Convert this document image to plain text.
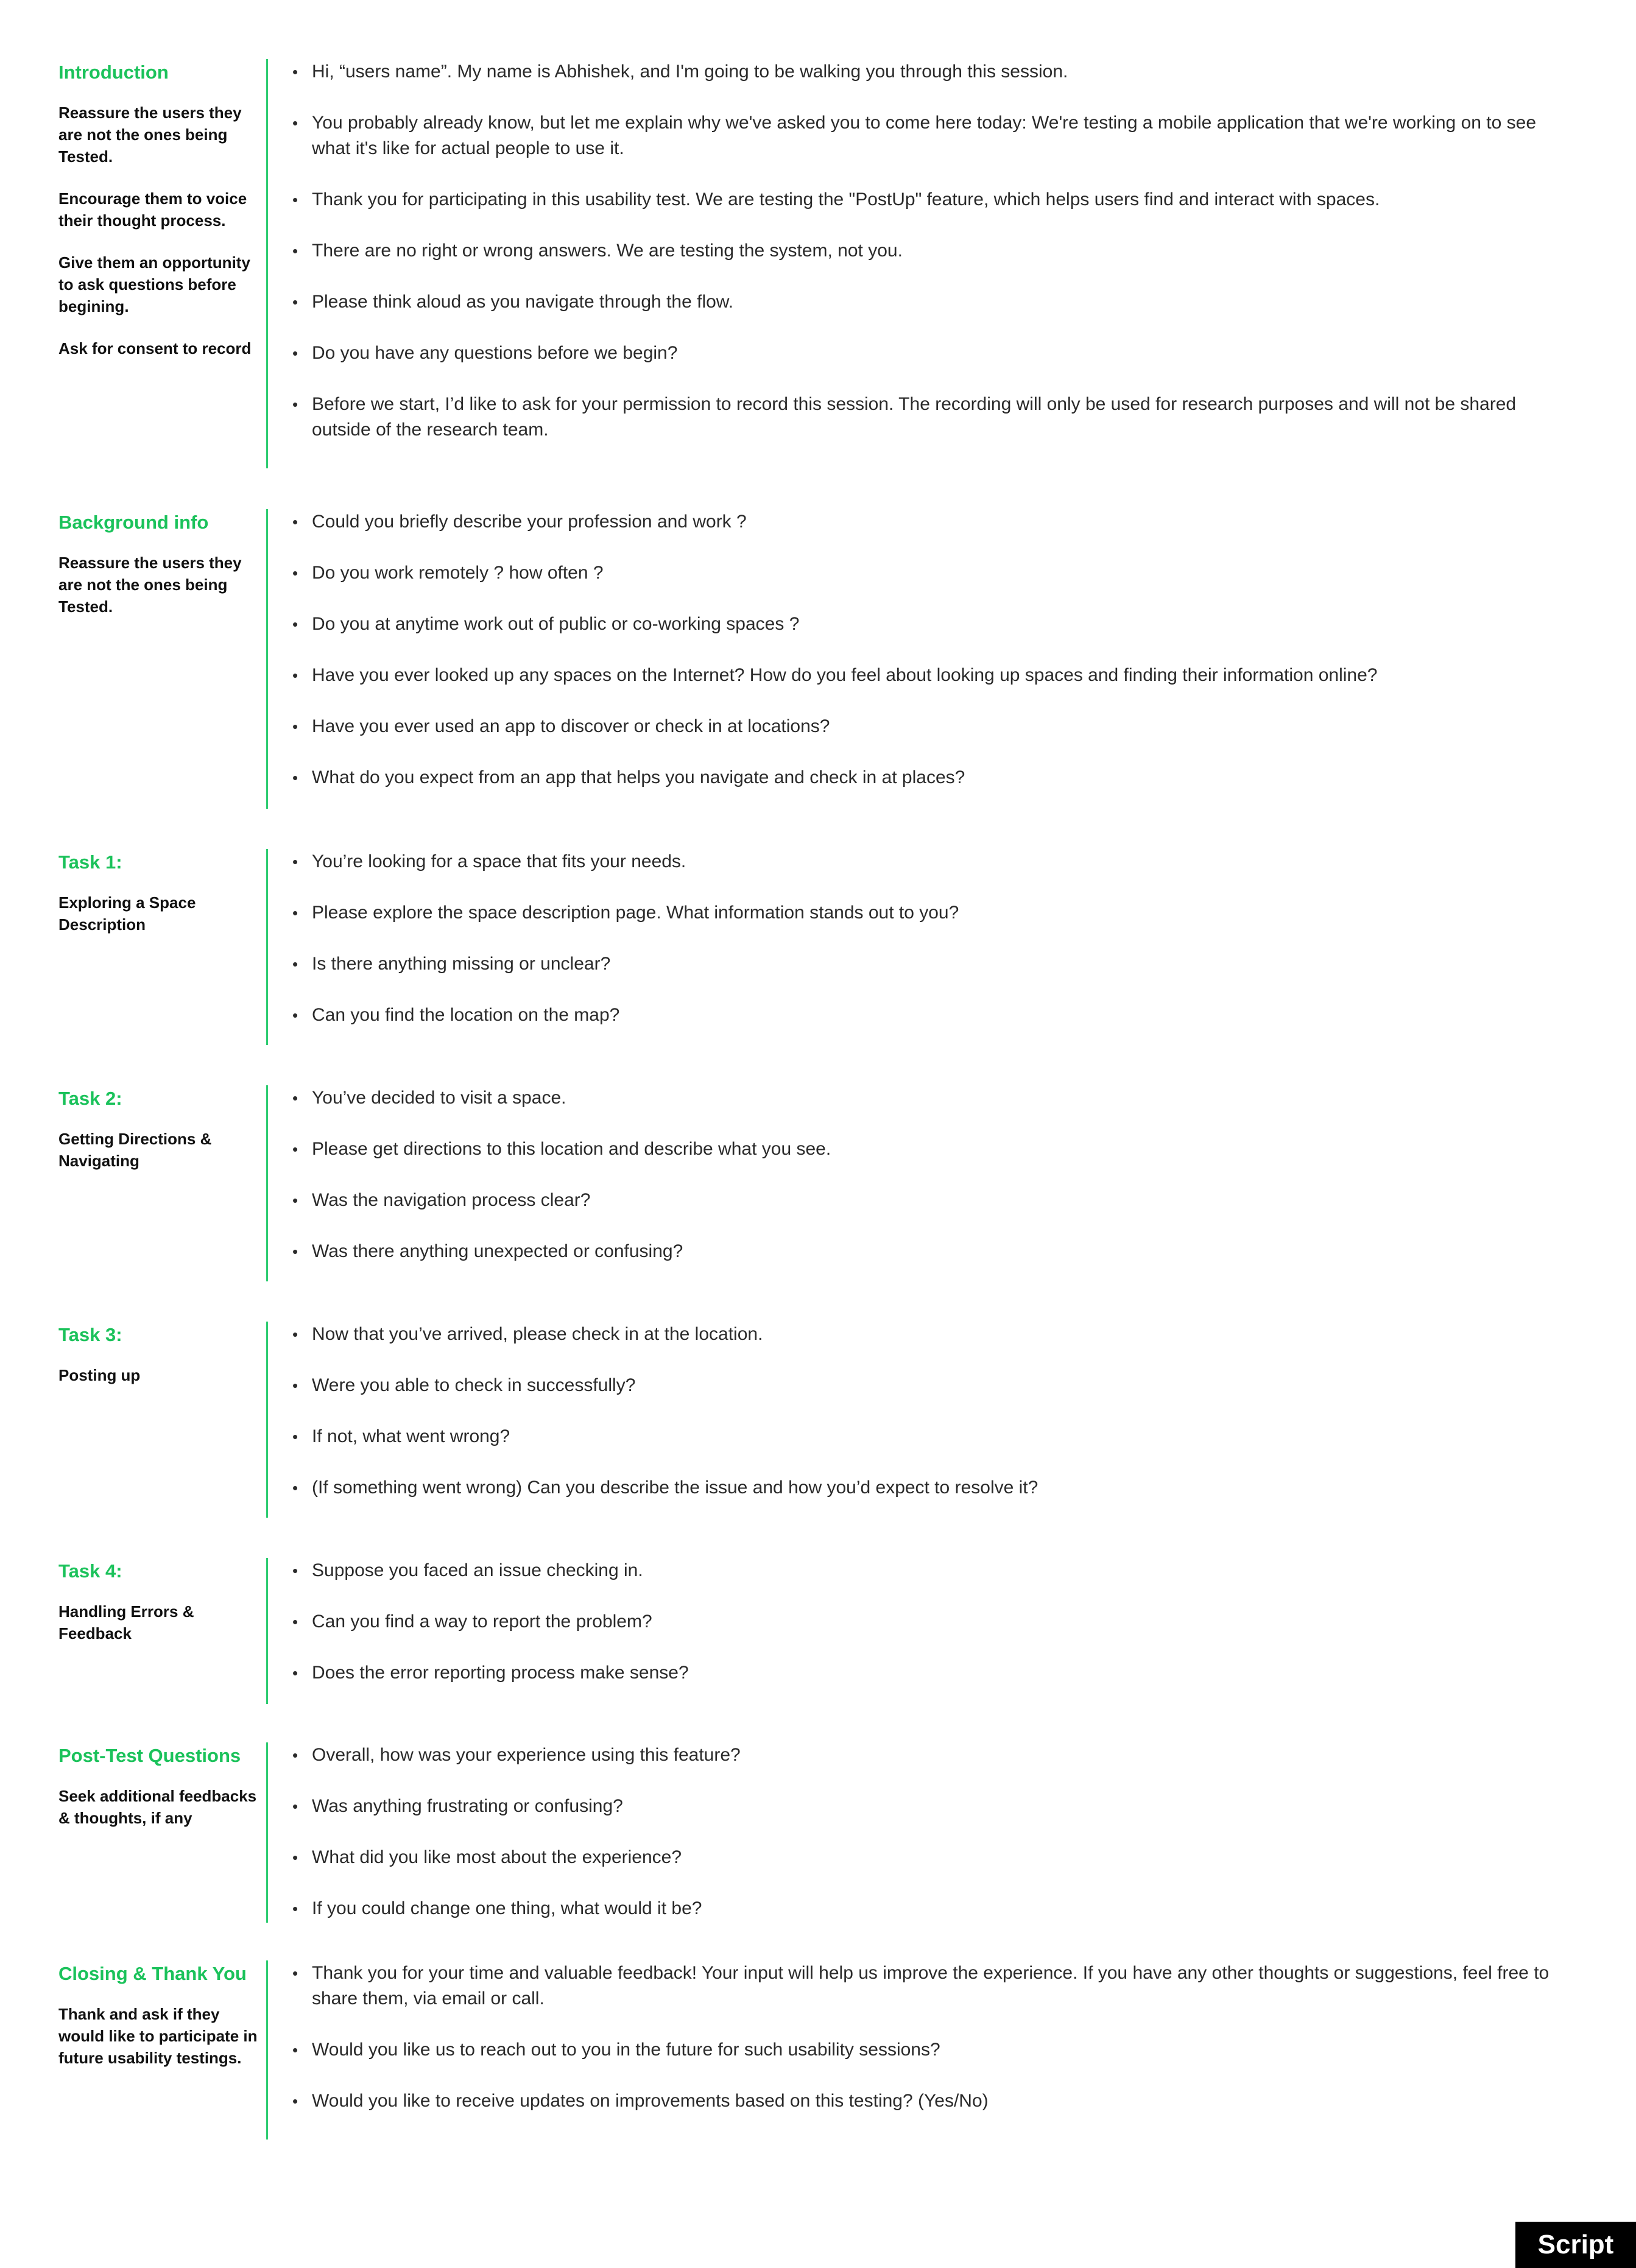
Introduction
Reassure the users they are not the ones being Tested.
Encourage them to voice their thought process.
Give them an opportunity to ask questions before begining.
Ask for consent to record
• Hi, “users name”. My name is Abhishek, and I'm going to be walking you through this session.
• You probably already know, but let me explain why we've asked you to come here today: We're testing a mobile application that we're working on to see what it's like for actual people to use it.
• Thank you for participating in this usability test. We are testing the "PostUp" feature, which helps users find and interact with spaces.
• There are no right or wrong answers. We are testing the system, not you.
• Please think aloud as you navigate through the flow.
• Do you have any questions before we begin?
• Before we start, I’d like to ask for your permission to record this session. The recording will only be used for research purposes and will not be shared outside of the research team.
Background info
Reassure the users they are not the ones being Tested.
• Could you briefly describe your profession and work ?
• Do you work remotely ? how often ?
• Do you at anytime work out of public or co-working spaces ?
• Have you ever looked up any spaces on the Internet? How do you feel about looking up spaces and finding their information online?
• Have you ever used an app to discover or check in at locations?
• What do you expect from an app that helps you navigate and check in at places?
Task 1:
Exploring a Space Description
• You’re looking for a space that fits your needs.
• Please explore the space description page. What information stands out to you?
• Is there anything missing or unclear?
• Can you find the location on the map?
Task 2:
Getting Directions & Navigating
• You’ve decided to visit a space.
• Please get directions to this location and describe what you see.
• Was the navigation process clear?
• Was there anything unexpected or confusing?
Task 3:
Posting up
• Now that you’ve arrived, please check in at the location.
• Were you able to check in successfully?
• If not, what went wrong?
• (If something went wrong) Can you describe the issue and how you’d expect to resolve it?
Task 4:
Handling Errors & Feedback
• Suppose you faced an issue checking in.
• Can you find a way to report the problem?
• Does the error reporting process make sense?
Post-Test Questions
Seek additional feedbacks & thoughts, if any
• Overall, how was your experience using this feature?
• Was anything frustrating or confusing?
• What did you like most about the experience?
• If you could change one thing, what would it be?
Closing & Thank You
Thank and ask if they would like to participate in future usability testings.
• Thank you for your time and valuable feedback! Your input will help us improve the experience. If you have any other thoughts or suggestions, feel free to share them, via email or call.
• Would you like us to reach out to you in the future for such usability sessions?
• Would you like to receive updates on improvements based on this testing? (Yes/No)
Script
